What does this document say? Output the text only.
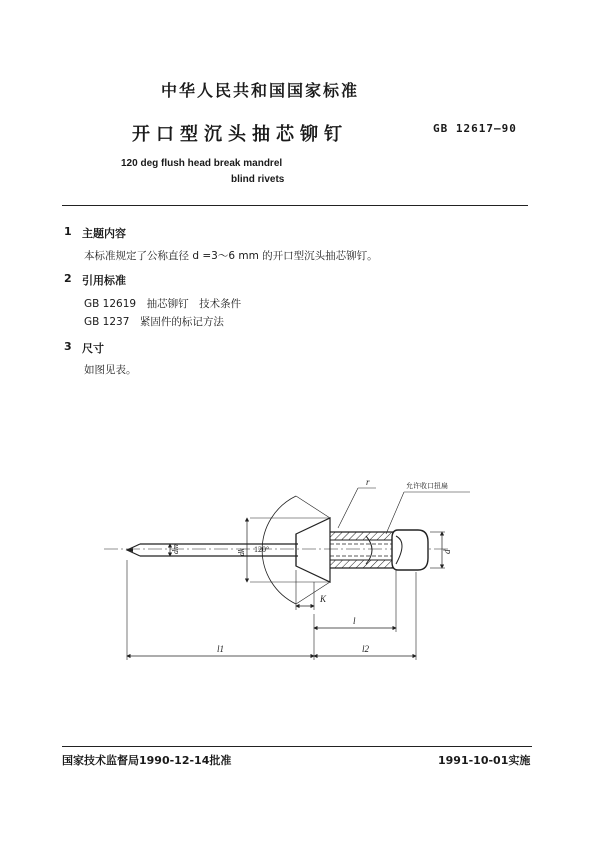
中华人民共和国国家标准
开口型沉头抽芯铆钉	GB 12617—90
120 deg flush head break mandrel
blind rivets
1 主题内容
本标准规定了公称直径 d =3～6 mm 的开口型沉头抽芯铆钉。
2 引用标准
GB 12619　抽芯铆钉　技术条件
GB 1237　紧固件的标记方法
3 尺寸
如图见表。
r	允许收口扭扁
dm	dk 120°	d
K
l
l1	l2
国家技术监督局1990-12-14批准	1991-10-01实施
